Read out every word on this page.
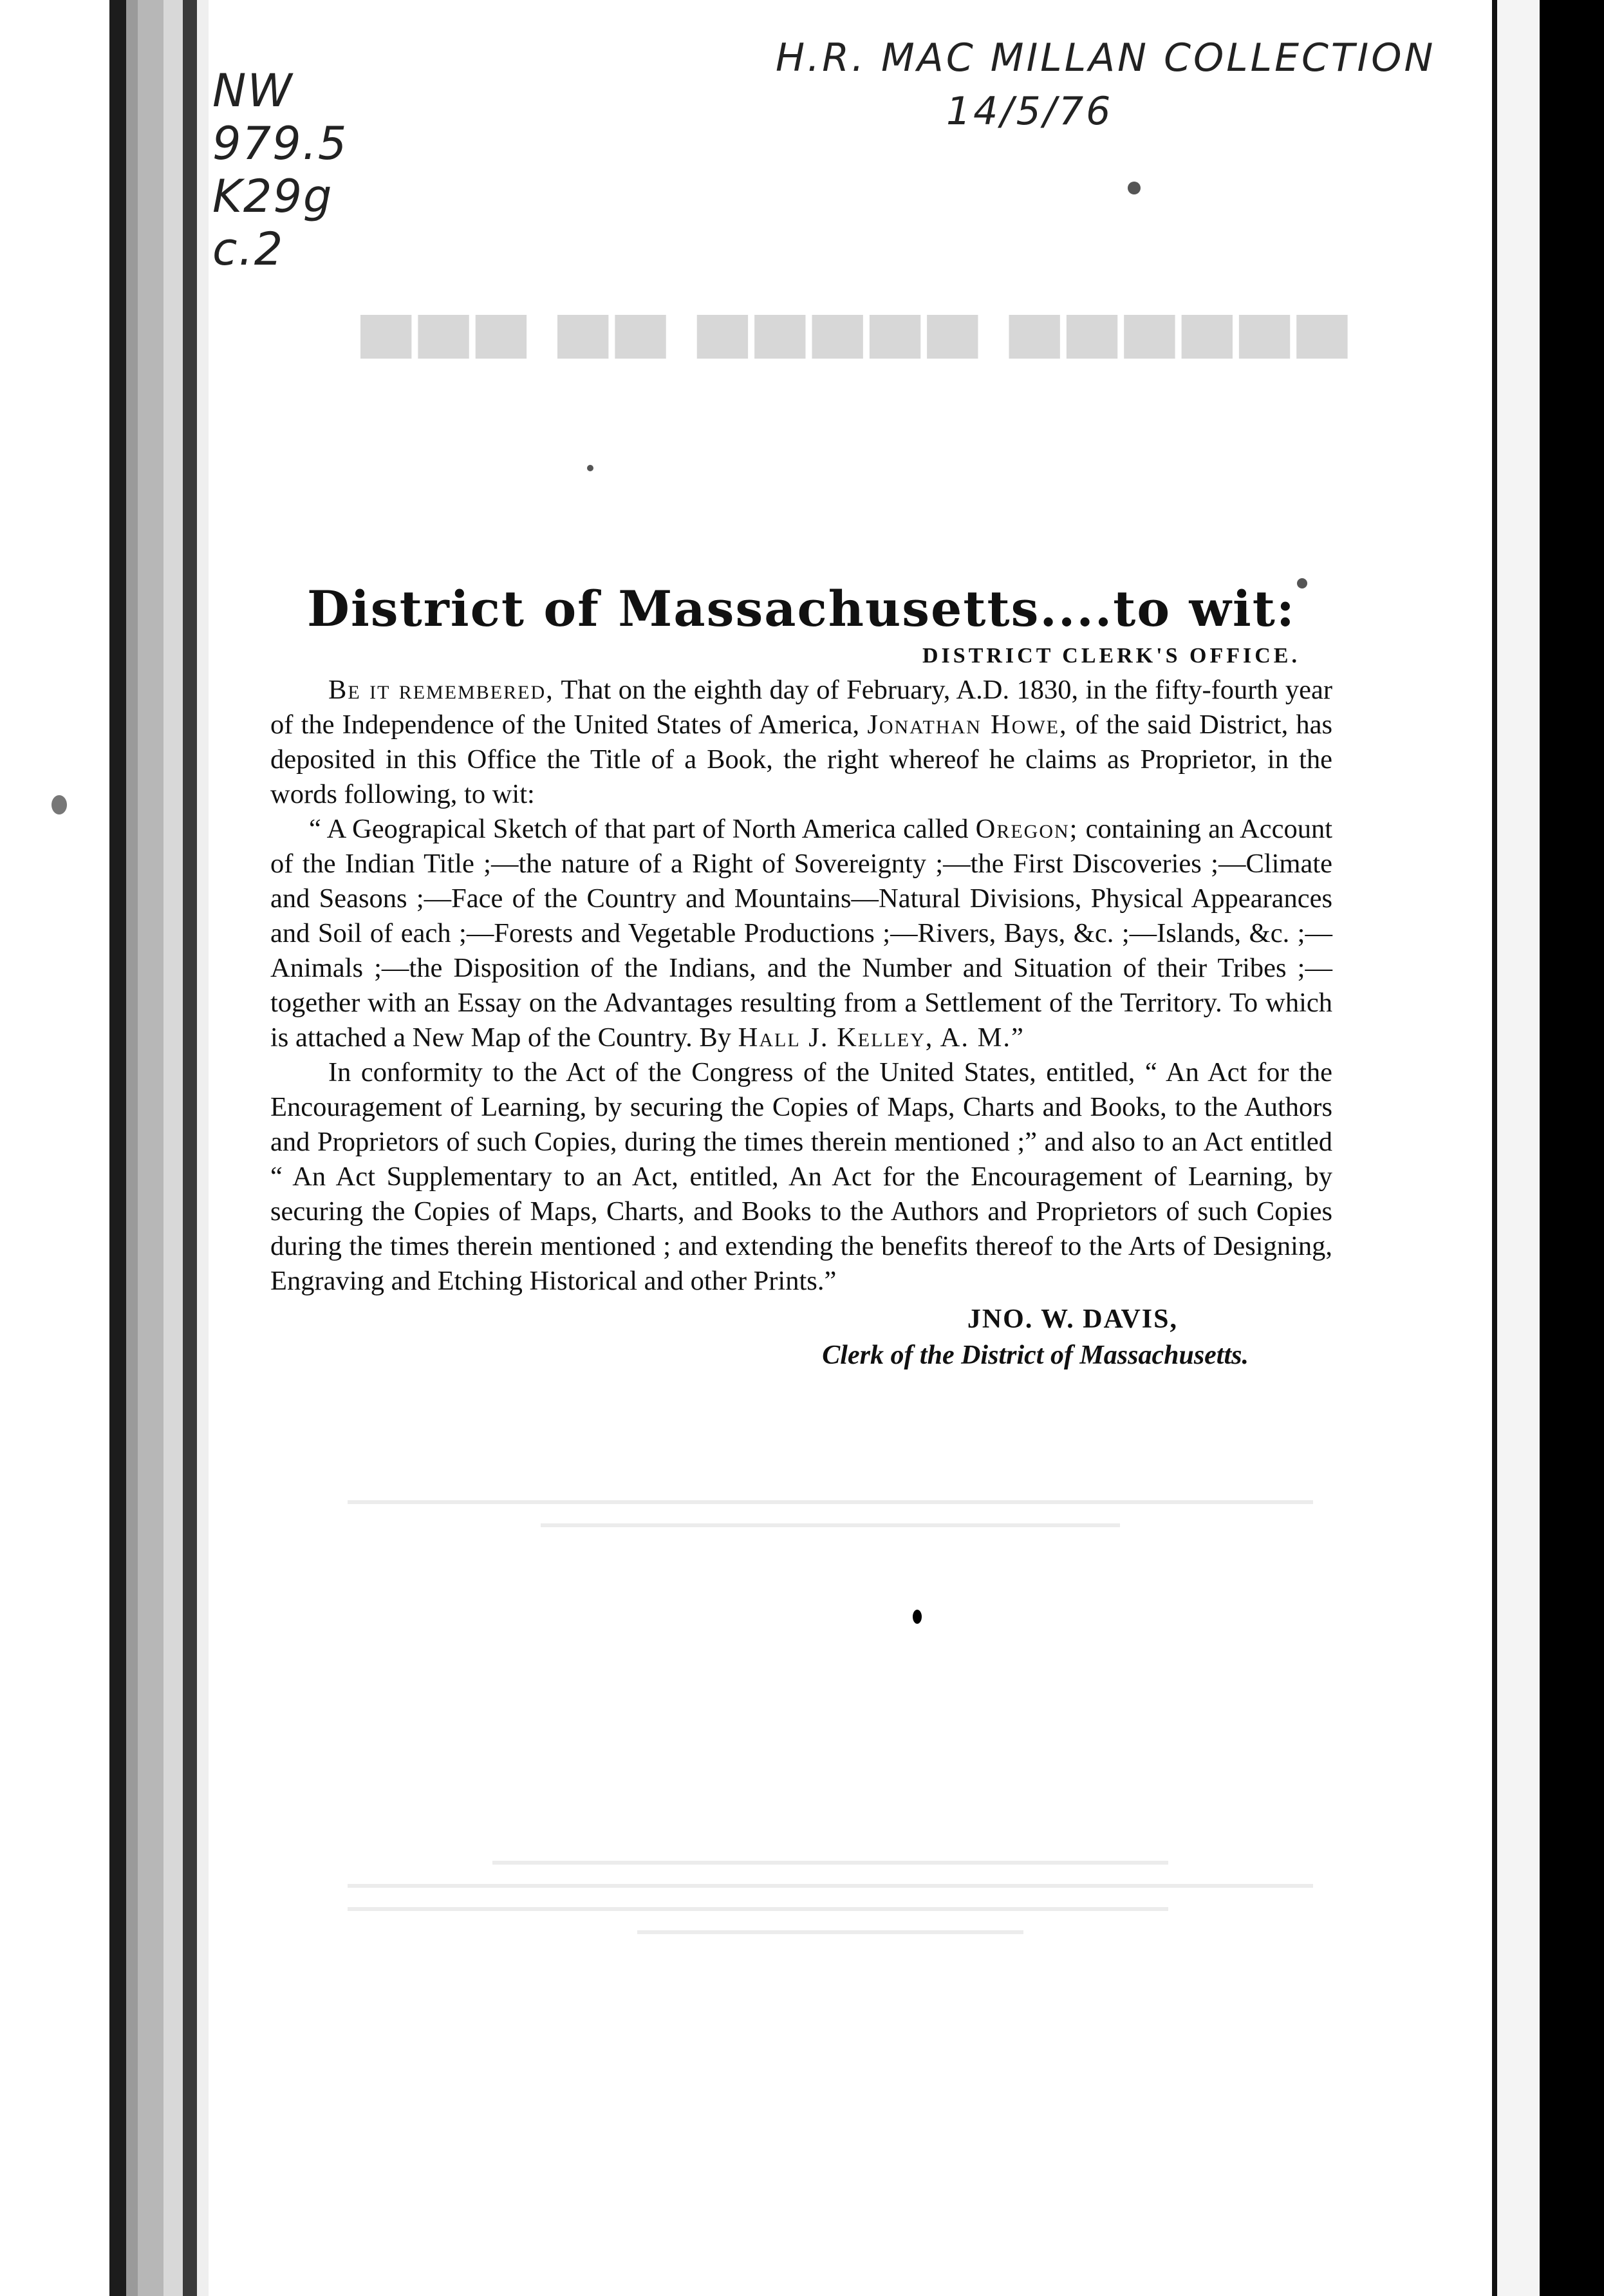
NW
979.5
K29g
c.2
H.R. MAC MILLAN COLLECTION
14/5/76
▀▀▀ ▀▀ ▀▀▀▀▀ ▀▀▀▀▀▀
District of Massachusetts....to wit:
DISTRICT CLERK'S OFFICE.

Be it remembered, That on the eighth day of February, A.D. 1830, in the fifty-fourth year of the Independence of the United States of America, Jonathan Howe, of the said District, has deposited in this Office the Title of a Book, the right whereof he claims as Proprietor, in the words following, to wit:

“ A Geograpical Sketch of that part of North America called Oregon; containing an Account of the Indian Title ;—the nature of a Right of Sovereignty ;—the First Discoveries ;—Climate and Seasons ;—Face of the Country and Mountains—Natural Divisions, Physical Appearances and Soil of each ;—Forests and Vegetable Productions ;—Rivers, Bays, &c. ;—Islands, &c. ;—Animals ;—the Disposition of the Indians, and the Number and Situation of their Tribes ;—together with an Essay on the Advantages resulting from a Settlement of the Territory. To which is attached a New Map of the Country. By Hall J. Kelley, A. M.”

In conformity to the Act of the Congress of the United States, entitled, “ An Act for the Encouragement of Learning, by securing the Copies of Maps, Charts and Books, to the Authors and Proprietors of such Copies, during the times therein mentioned ;” and also to an Act entitled “ An Act Supplementary to an Act, entitled, An Act for the Encouragement of Learning, by securing the Copies of Maps, Charts, and Books to the Authors and Proprietors of such Copies during the times therein mentioned ; and extending the benefits thereof to the Arts of Designing, Engraving and Etching Historical and other Prints.”

JNO. W. DAVIS,
Clerk of the District of Massachusetts.
